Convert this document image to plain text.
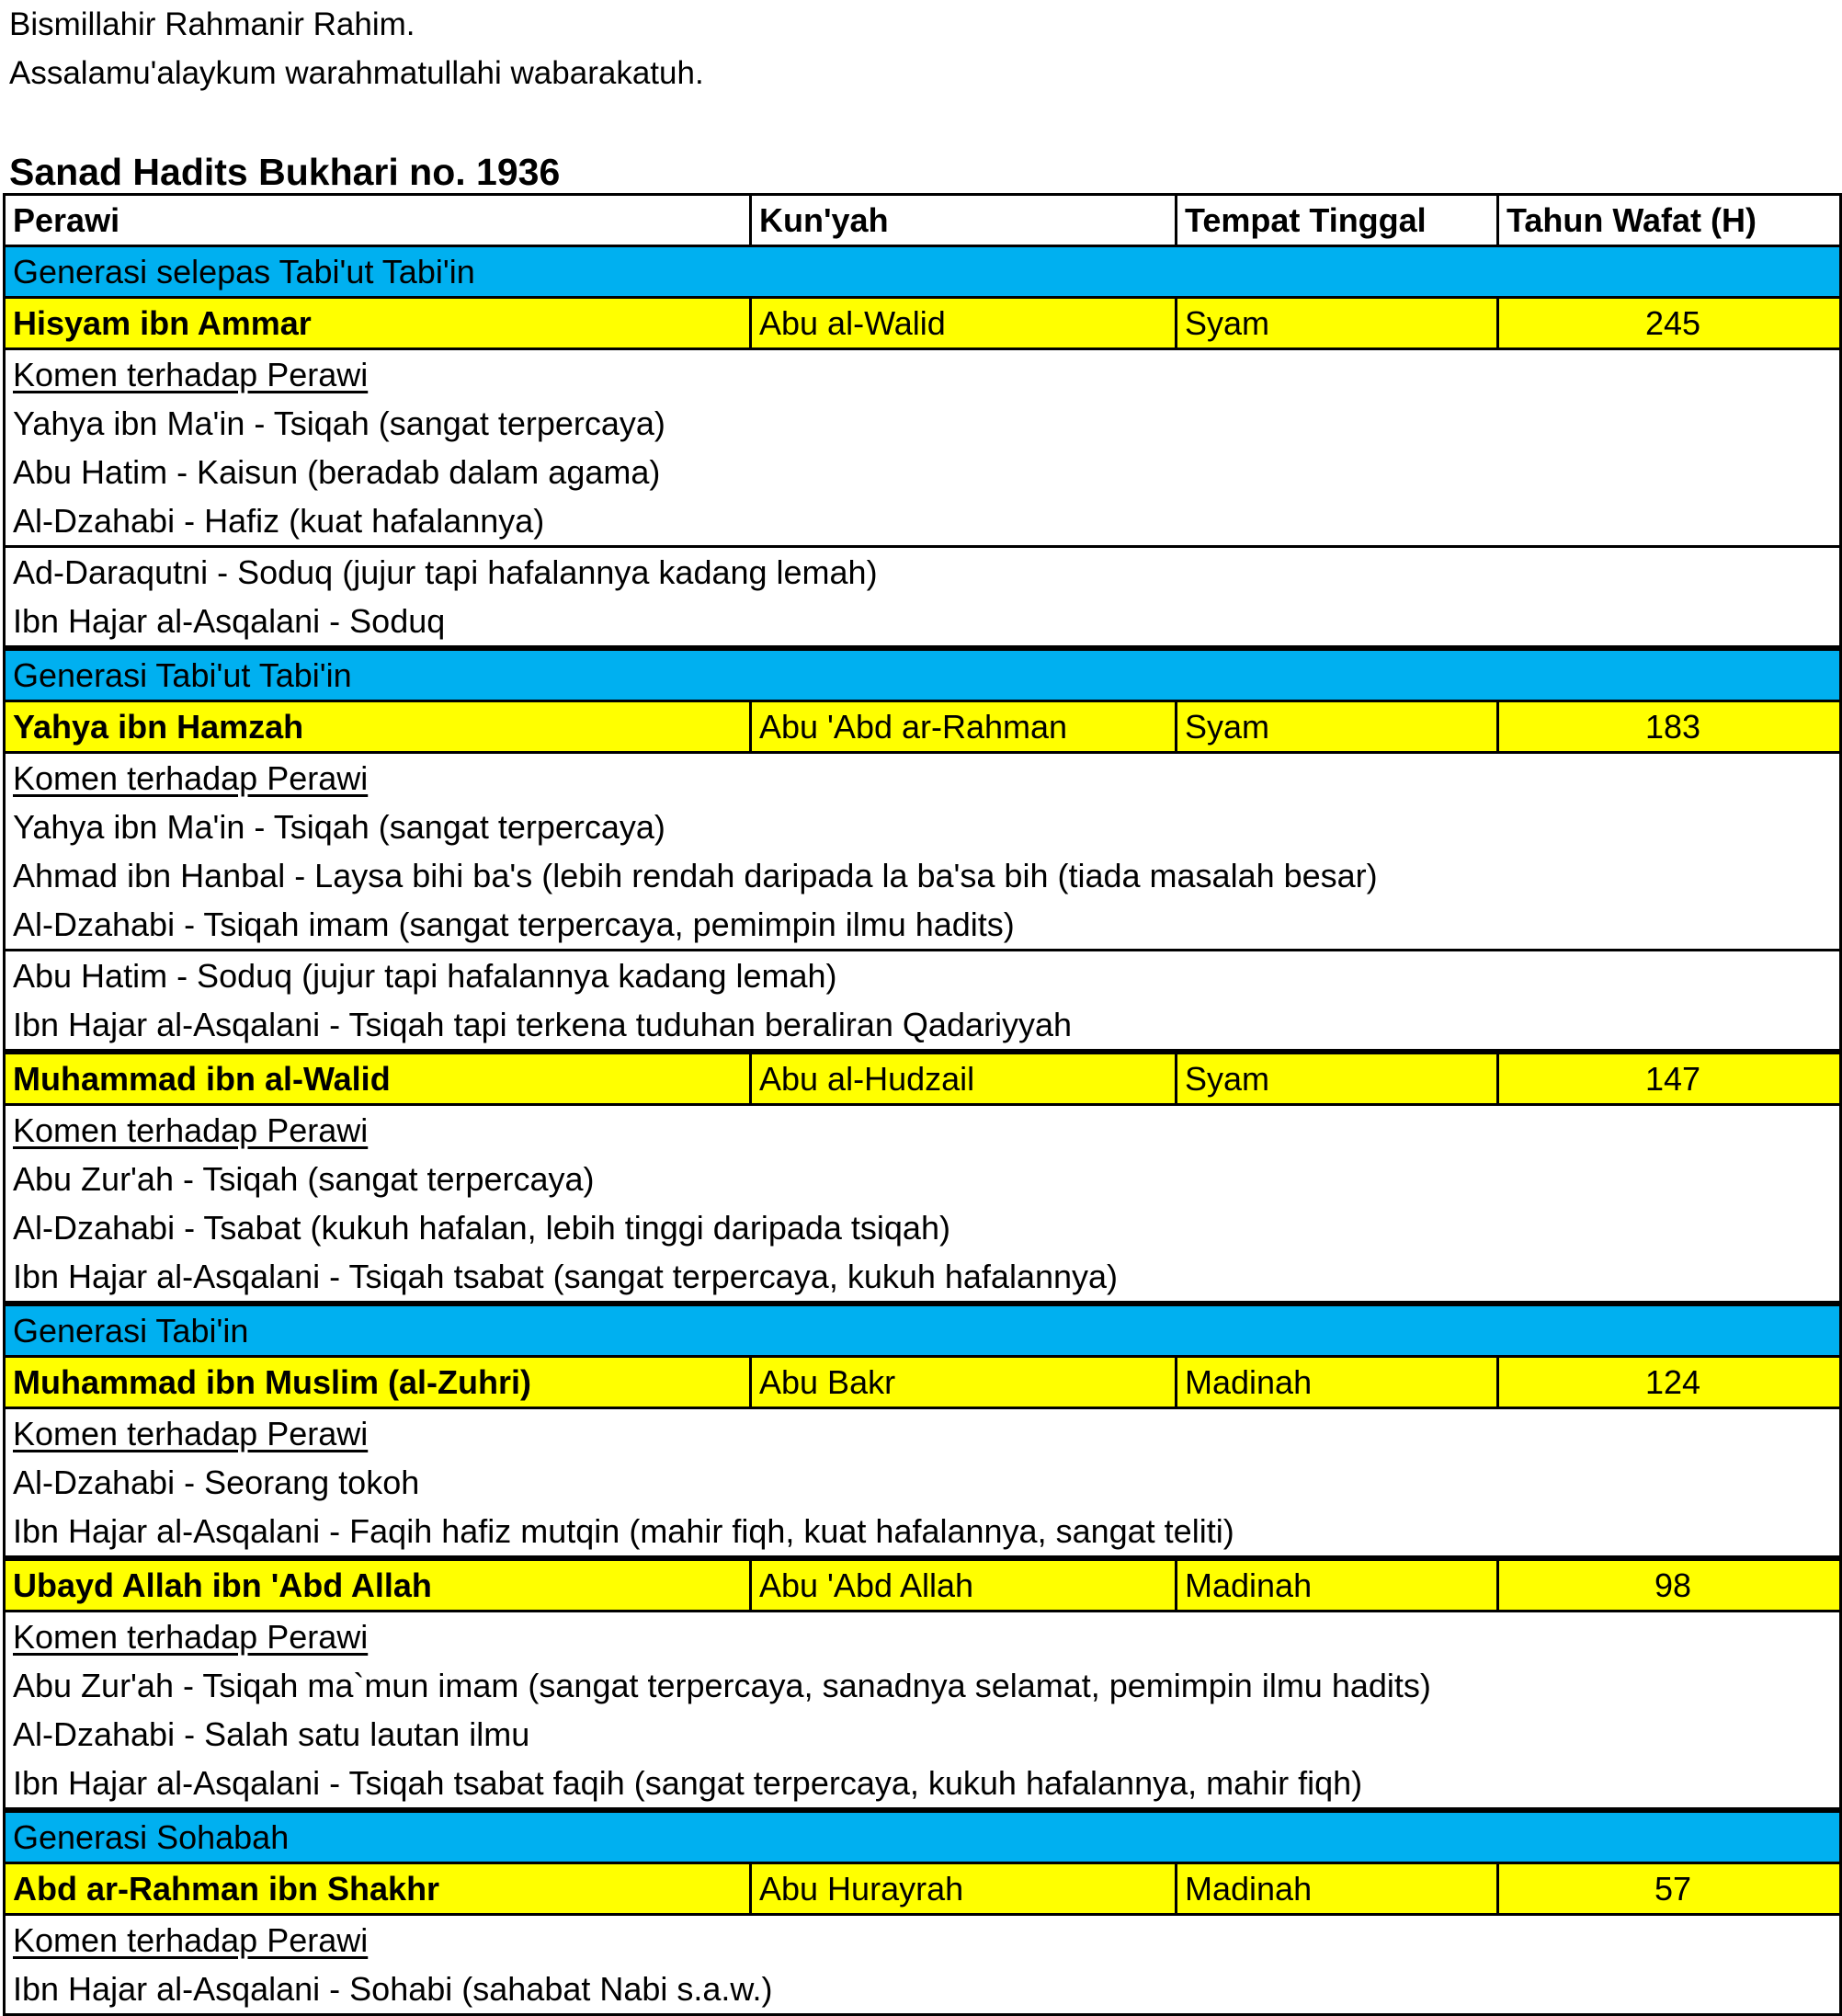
Bismillahir Rahmanir Rahim.
Assalamu'alaykum warahmatullahi wabarakatuh.
Sanad Hadits Bukhari no. 1936
Perawi	Kun'yah	Tempat Tinggal	Tahun Wafat (H)
Generasi selepas Tabi'ut Tabi'in			
Hisyam ibn Ammar	Abu al-Walid	Syam	245
Komen terhadap Perawi			
Yahya ibn Ma'in - Tsiqah (sangat terpercaya)			
Abu Hatim - Kaisun (beradab dalam agama)			
Al-Dzahabi - Hafiz (kuat hafalannya)			
Ad-Daraqutni - Soduq (jujur tapi hafalannya kadang lemah)			
Ibn Hajar al-Asqalani - Soduq			
Generasi Tabi'ut Tabi'in			
Yahya ibn Hamzah	Abu 'Abd ar-Rahman	Syam	183
Komen terhadap Perawi			
Yahya ibn Ma'in - Tsiqah (sangat terpercaya)			
Ahmad ibn Hanbal - Laysa bihi ba's (lebih rendah daripada la ba'sa bih (tiada masalah besar)			
Al-Dzahabi - Tsiqah imam (sangat terpercaya, pemimpin ilmu hadits)			
Abu Hatim - Soduq (jujur tapi hafalannya kadang lemah)			
Ibn Hajar al-Asqalani - Tsiqah tapi terkena tuduhan beraliran Qadariyyah			
Muhammad ibn al-Walid	Abu al-Hudzail	Syam	147
Komen terhadap Perawi			
Abu Zur'ah - Tsiqah (sangat terpercaya)			
Al-Dzahabi - Tsabat (kukuh hafalan, lebih tinggi daripada tsiqah)			
Ibn Hajar al-Asqalani - Tsiqah tsabat (sangat terpercaya, kukuh hafalannya)			
Generasi Tabi'in			
Muhammad ibn Muslim (al-Zuhri)	Abu Bakr	Madinah	124
Komen terhadap Perawi			
Al-Dzahabi - Seorang tokoh			
Ibn Hajar al-Asqalani - Faqih hafiz mutqin (mahir fiqh, kuat hafalannya, sangat teliti)			
Ubayd Allah ibn 'Abd Allah	Abu 'Abd Allah	Madinah	98
Komen terhadap Perawi			
Abu Zur'ah - Tsiqah ma`mun imam (sangat terpercaya, sanadnya selamat, pemimpin ilmu hadits)			
Al-Dzahabi - Salah satu lautan ilmu			
Ibn Hajar al-Asqalani - Tsiqah tsabat faqih (sangat terpercaya, kukuh hafalannya, mahir fiqh)			
Generasi Sohabah			
Abd ar-Rahman ibn Shakhr	Abu Hurayrah	Madinah	57
Komen terhadap Perawi			
Ibn Hajar al-Asqalani - Sohabi (sahabat Nabi s.a.w.)			
